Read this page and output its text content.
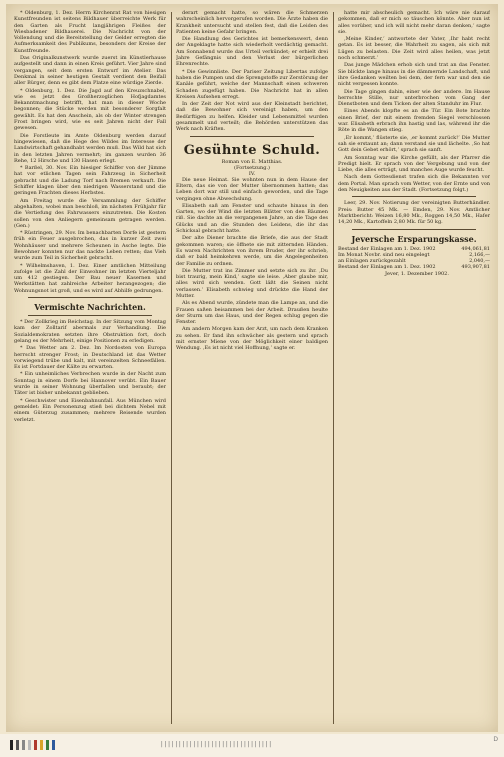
* Oldenburg, 1. Dez. Herrn Kirchenrat Rat von hiesigen Kunstfreunden ist seitens Bildhauer überreichte Werk für den Garten als Frucht langjährigen Fleißes der Wiesbadener Bildhauerei. Die Nachricht von der Vollendung und die Bereitstellung der Gelder erregten die Aufmerksamkeit des Publikums, besonders der Kreise der Kunstfreunde.

Das Originalkunstwerk wurde zuerst im Künstlerhause aufgestellt und dann in einen Kreis geführt. Vier Jahre sind vergangen, seit dem ersten Entwurf im Atelier. Das Denkmal in seiner heutigen Gestalt verdient den Beifall aller Bürger, denn es gibt dem Platze eine würdige Zierde.

* Oldenburg, 1. Dez. Die Jagd auf den Kreuzschnabel, wie es jetzt des Großherzoglichen Hofjagdamtes Bekanntmachung betrifft, hat man in dieser Woche begonnen; die Stücke werden mit besonderer Sorgfalt gewählt. Es hat den Anschein, als ob der Winter strengen Frost bringen wird, wie es seit Jahren nicht der Fall gewesen.

Die Forstleute im Amte Oldenburg werden darauf hingewiesen, daß die Hege des Wildes im Interesse der Landwirtschaft gehandhabt werden muß. Das Wild hat sich in den letzten Jahren vermehrt; im ganzen wurden 36 Rehe, 12 Hirsche und 130 Hasen erlegt.

* Barßel, 30. Nov. Ein hiesiger Schiffer von der Jümme hat vor etlichen Tagen sein Fahrzeug in Sicherheit gebracht und die Ladung Torf nach Bremen verkauft. Die Schiffer klagen über den niedrigen Wasserstand und die geringen Frachten dieses Herbstes.

Am Freitag wurde die Versammlung der Schiffer abgehalten, wobei man beschloß, im nächsten Frühjahr für die Vertiefung des Fahrwassers einzutreten. Die Kosten sollen von den Anliegern gemeinsam getragen werden. (Gen.)

* Rüstringen, 29. Nov. Im benachbarten Dorfe ist gestern früh ein Feuer ausgebrochen, das in kurzer Zeit zwei Wohnhäuser und mehrere Scheunen in Asche legte. Die Bewohner konnten nur das nackte Leben retten; das Vieh wurde zum Teil in Sicherheit gebracht.

* Wilhelmshaven, 1. Dez. Einer amtlichen Mitteilung zufolge ist die Zahl der Einwohner im letzten Vierteljahr um 412 gestiegen. Der Bau neuer Kasernen und Werkstätten hat zahlreiche Arbeiter herangezogen; die Wohnungsnot ist groß, und es wird auf Abhilfe gedrungen.

Vermischte Nachrichten.

* Der Zollkrieg im Reichstag. In der Sitzung vom Montag kam der Zolltarif abermals zur Verhandlung. Die Sozialdemokraten setzten ihre Obstruktion fort, doch gelang es der Mehrheit, einige Positionen zu erledigen.

* Das Wetter am 2. Dez. Im Nordosten von Europa herrscht strenger Frost; in Deutschland ist das Wetter vorwiegend trübe und kalt, mit vereinzelten Schneefällen. Es ist Fortdauer der Kälte zu erwarten.

* Ein unheimliches Verbrechen wurde in der Nacht zum Sonntag in einem Dorfe bei Hannover verübt. Ein Bauer wurde in seiner Wohnung überfallen und beraubt; der Täter ist bisher unbekannt geblieben.

* Geschwister und Eisenbahnunfall. Aus München wird gemeldet: Ein Personenzug stieß bei dichtem Nebel mit einem Güterzug zusammen; mehrere Reisende wurden verletzt.

derart gemacht hatte, so wären die Schmerzen wahrscheinlich hervorgerufen worden. Die Ärzte haben die Krankheit untersucht und stellen fest, daß die Leiden des Patienten keine Gefahr bringen.

Die Handlung des Gerichtes ist bemerkenswert, denn der Angeklagte hatte sich wiederholt verdächtig gemacht. Am Sonnabend wurde das Urteil verkündet; er erhielt drei Jahre Gefängnis und den Verlust der bürgerlichen Ehrenrechte.

* Die Gewinnliste. Der Pariser Zeitung Libertas zufolge haben die Pumpen und die Sprengstoffe zur Zerstörung der Kanäle geführt, welche der Mannschaft einen schweren Schaden zugefügt haben. Die Nachricht hat in allen Kreisen Aufsehen erregt.

In der Zeit der Not wird aus der Kleinstadt berichtet, daß die Bewohner sich vereinigt haben, um den Bedürftigen zu helfen. Kleider und Lebensmittel wurden gesammelt und verteilt; die Behörden unterstützen das Werk nach Kräften.

Gesühnte Schuld.
Roman von E. Matthias.
(Fortsetzung.)
IV.

Die neue Heimat. Sie wohnten nun in dem Hause der Eltern, das sie von der Mutter übernommen hatten; das Leben dort war still und einfach geworden, und die Tage vergingen ohne Abwechslung.

Elisabeth saß am Fenster und schaute hinaus in den Garten, wo der Wind die letzten Blätter von den Bäumen riß. Sie dachte an die vergangenen Jahre, an die Tage des Glücks und an die Stunden des Leidens, die ihr das Schicksal gebracht hatte.

Der alte Diener brachte die Briefe, die aus der Stadt gekommen waren; sie öffnete sie mit zitternden Händen. Es waren Nachrichten von ihrem Bruder, der ihr schrieb, daß er bald heimkehren werde, um die Angelegenheiten der Familie zu ordnen.

Die Mutter trat ins Zimmer und setzte sich zu ihr. ‚Du bist traurig, mein Kind,‘ sagte sie leise. ‚Aber glaube mir, alles wird sich wenden. Gott läßt die Seinen nicht verlassen.‘ Elisabeth schwieg und drückte die Hand der Mutter.

Als es Abend wurde, zündete man die Lampe an, und die Frauen saßen beisammen bei der Arbeit. Draußen heulte der Sturm um das Haus, und der Regen schlug gegen die Fenster.

Am andern Morgen kam der Arzt, um nach dem Kranken zu sehen. Er fand ihn schwächer als gestern und sprach mit ernster Miene von der Möglichkeit einer baldigen Wendung. ‚Es ist nicht viel Hoffnung,‘ sagte er.

hatte mir abscheulich gemacht. Ich wäre nie darauf gekommen, daß er mich so täuschen könnte. Aber nun ist alles vorüber, und ich will nicht mehr daran denken,‘ sagte sie.

‚Meine Kinder,‘ antwortete der Vater, ‚Ihr habt recht getan. Es ist besser, die Wahrheit zu sagen, als sich mit Lügen zu belasten. Die Zeit wird alles heilen, was jetzt noch schmerzt.‘

Das junge Mädchen erhob sich und trat an das Fenster. Sie blickte lange hinaus in die dämmernde Landschaft, und ihre Gedanken weilten bei dem, der fern war und den sie nicht vergessen konnte.

Die Tage gingen dahin, einer wie der andere. Im Hause herrschte Stille, nur unterbrochen vom Gang der Dienstboten und dem Ticken der alten Standuhr im Flur.

Eines Abends klopfte es an die Tür. Ein Bote brachte einen Brief, der mit einem fremden Siegel verschlossen war. Elisabeth erbrach ihn hastig und las, während ihr die Röte in die Wangen stieg.

‚Er kommt,‘ flüsterte sie, ‚er kommt zurück!‘ Die Mutter sah sie erstaunt an; dann verstand sie und lächelte. ‚So hat Gott dein Gebet erhört,‘ sprach sie sanft.

Am Sonntag war die Kirche gefüllt, als der Pfarrer die Predigt hielt. Er sprach von der Vergebung und von der Liebe, die alles erträgt, und manches Auge wurde feucht.

Nach dem Gottesdienst trafen sich die Bekannten vor dem Portal. Man sprach vom Wetter, von der Ernte und von den Neuigkeiten aus der Stadt. (Fortsetzung folgt.)

Leer, 29. Nov. Notierung der vereinigten Butterhändler. Preis: Butter 45 Mk. — Emden, 29. Nov. Amtlicher Marktbericht: Weizen 16,80 Mk., Roggen 14,50 Mk., Hafer 14,20 Mk., Kartoffeln 2,80 Mk. für 50 kg.

Jeversche Ersparungskasse.
Bestand der Einlagen am 1. Dez. 1902	494,061,81
Im Monat Novbr. sind neu eingelegt	2,166,—
an Einlagen zurückgezahlt	2,040,—
Bestand der Einlagen am 1. Dez. 1902	493,907,81

Jever, 1. Dezember 1902.

|||||||||||||||||||||||||||||||
D
